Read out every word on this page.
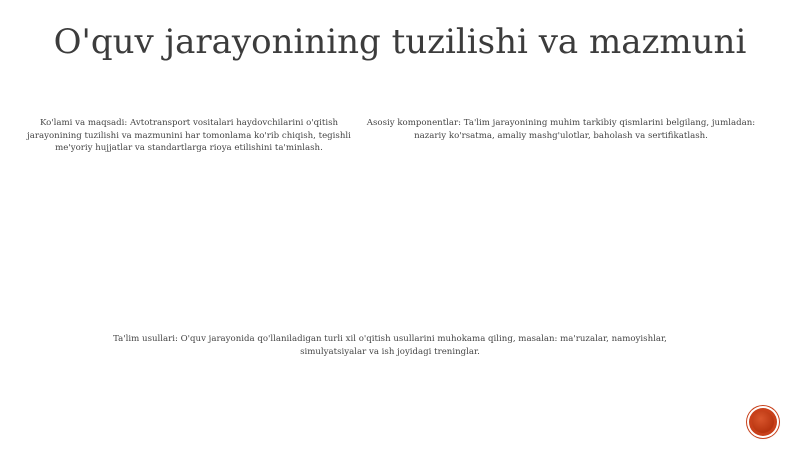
O'quv jarayonining tuzilishi va mazmuni

Ko'lami va maqsadi: Avtotransport vositalari haydovchilarini o'qitish jarayonining tuzilishi va mazmunini har tomonlama ko'rib chiqish, tegishli me'yoriy hujjatlar va standartlarga rioya etilishini ta'minlash.

Asosiy komponentlar: Ta'lim jarayonining muhim tarkibiy qismlarini belgilang, jumladan: nazariy ko'rsatma, amaliy mashg'ulotlar, baholash va sertifikatlash.

Ta'lim usullari: O'quv jarayonida qo'llaniladigan turli xil o'qitish usullarini muhokama qiling, masalan: ma'ruzalar, namoyishlar, simulyatsiyalar va ish joyidagi treninglar.
